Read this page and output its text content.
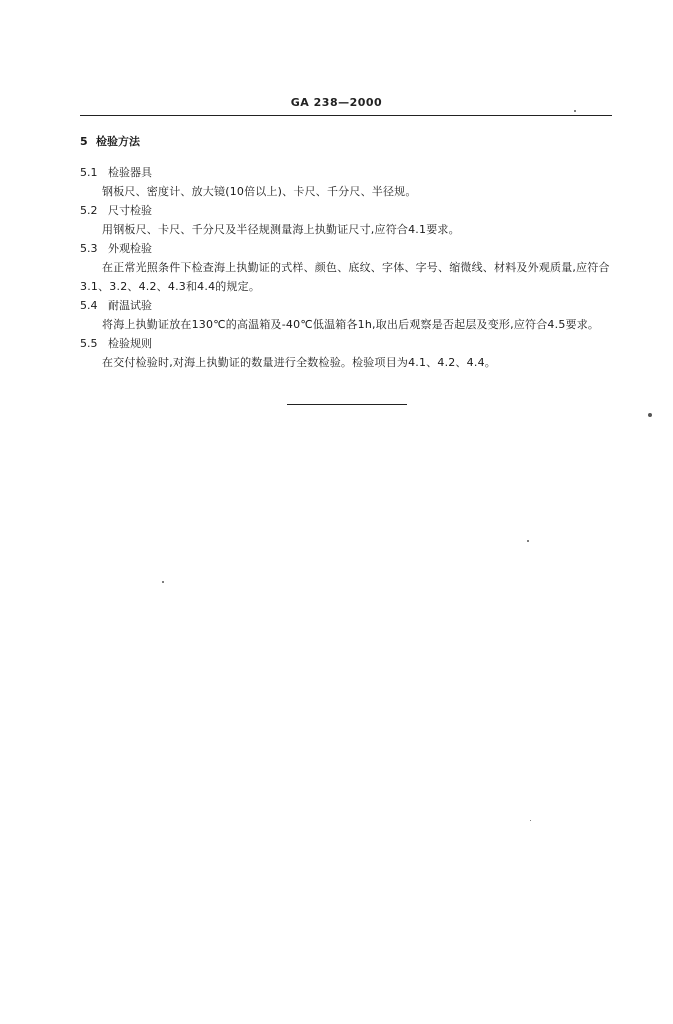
GA 238—2000

5 检验方法

5.1 检验器具

钢板尺、密度计、放大镜(10倍以上)、卡尺、千分尺、半径规。

5.2 尺寸检验

用钢板尺、卡尺、千分尺及半径规测量海上执勤证尺寸,应符合4.1要求。

5.3 外观检验

在正常光照条件下检查海上执勤证的式样、颜色、底纹、字体、字号、缩微线、材料及外观质量,应符合3.1、3.2、4.2、4.3和4.4的规定。

5.4 耐温试验

将海上执勤证放在130℃的高温箱及-40℃低温箱各1h,取出后观察是否起层及变形,应符合4.5要求。

5.5 检验规则

在交付检验时,对海上执勤证的数量进行全数检验。检验项目为4.1、4.2、4.4。
